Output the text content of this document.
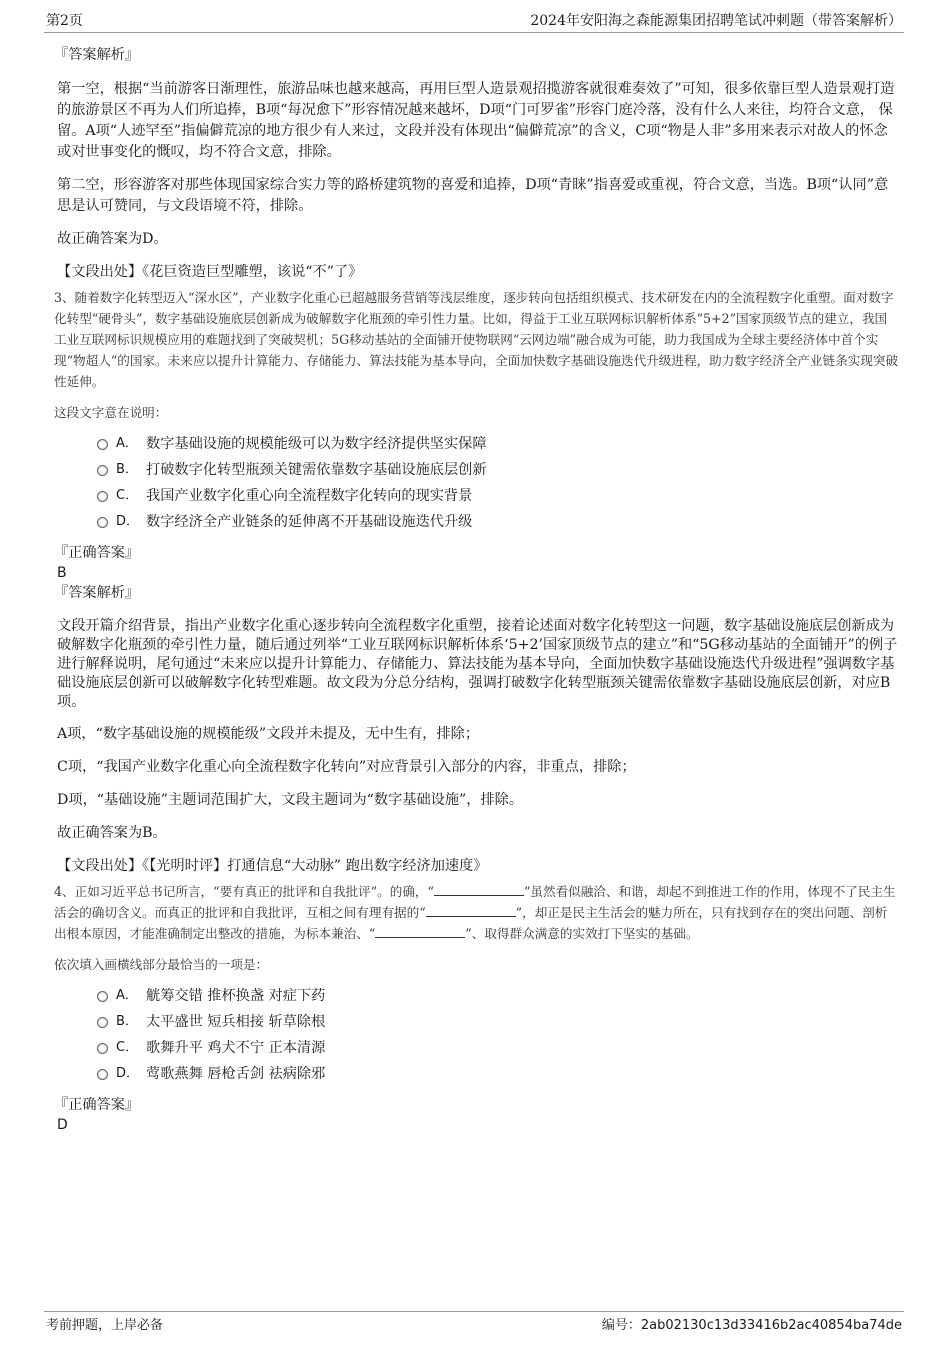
第2页	2024年安阳海之森能源集团招聘笔试冲刺题（带答案解析）

『答案解析』

第一空，根据“当前游客日渐理性，旅游品味也越来越高，再用巨型人造景观招揽游客就很难奏效了”可知，很多依靠巨型人造景观打造的旅游景区不再为人们所追捧，B项“每况愈下”形容情况越来越坏，D项“门可罗雀”形容门庭冷落，没有什么人来往，均符合文意， 保留。A项“人迹罕至”指偏僻荒凉的地方很少有人来过，文段并没有体现出“偏僻荒凉”的含义，C项“物是人非”多用来表示对故人的怀念或对世事变化的慨叹，均不符合文意，排除。

第二空，形容游客对那些体现国家综合实力等的路桥建筑物的喜爱和追捧，D项“青睐”指喜爱或重视，符合文意，当选。B项“认同”意思是认可赞同，与文段语境不符，排除。

故正确答案为D。

【文段出处】《花巨资造巨型雕塑，该说“不”了》

3、随着数字化转型迈入“深水区”，产业数字化重心已超越服务营销等浅层维度，逐步转向包括组织模式、技术研发在内的全流程数字化重塑。面对数字化转型“硬骨头”，数字基础设施底层创新成为破解数字化瓶颈的牵引性力量。比如，得益于工业互联网标识解析体系“5+2”国家顶级节点的建立，我国工业互联网标识规模应用的难题找到了突破契机；5G移动基站的全面铺开使物联网“云网边端”融合成为可能，助力我国成为全球主要经济体中首个实现“物超人”的国家。未来应以提升计算能力、存储能力、算法技能为基本导向，全面加快数字基础设施迭代升级进程，助力数字经济全产业链条实现突破性延伸。

这段文字意在说明：

A． 数字基础设施的规模能级可以为数字经济提供坚实保障
B． 打破数字化转型瓶颈关键需依靠数字基础设施底层创新
C． 我国产业数字化重心向全流程数字化转向的现实背景
D． 数字经济全产业链条的延伸离不开基础设施迭代升级

『正确答案』

B

『答案解析』

文段开篇介绍背景，指出产业数字化重心逐步转向全流程数字化重塑，接着论述面对数字化转型这一问题，数字基础设施底层创新成为破解数字化瓶颈的牵引性力量，随后通过列举“工业互联网标识解析体系‘5+2’国家顶级节点的建立”和“5G移动基站的全面铺开”的例子进行解释说明，尾句通过“未来应以提升计算能力、存储能力、算法技能为基本导向，全面加快数字基础设施迭代升级进程”强调数字基础设施底层创新可以破解数字化转型难题。故文段为分总分结构，强调打破数字化转型瓶颈关键需依靠数字基础设施底层创新，对应B项。

A项，“数字基础设施的规模能级”文段并未提及，无中生有，排除；

C项，“我国产业数字化重心向全流程数字化转向”对应背景引入部分的内容，非重点，排除；

D项，“基础设施”主题词范围扩大，文段主题词为“数字基础设施”，排除。

故正确答案为B。

【文段出处】《【光明时评】打通信息“大动脉” 跑出数字经济加速度》

4、正如习近平总书记所言，“要有真正的批评和自我批评”。的确，“	”虽然看似融洽、和谐，却起不到推进工作的作用，体现不了民主生活会的确切含义。而真正的批评和自我批评，互相之间有理有据的“	”，却正是民主生活会的魅力所在，只有找到存在的突出问题、剖析出根本原因，才能准确制定出整改的措施，为标本兼治、“	”、取得群众满意的实效打下坚实的基础。

依次填入画横线部分最恰当的一项是：

A． 觥筹交错 推杯换盏 对症下药
B． 太平盛世 短兵相接 斩草除根
C． 歌舞升平 鸡犬不宁 正本清源
D． 莺歌燕舞 唇枪舌剑 祛病除邪

『正确答案』

D

考前押题，上岸必备	编号：2ab02130c13d33416b2ac40854ba74de
